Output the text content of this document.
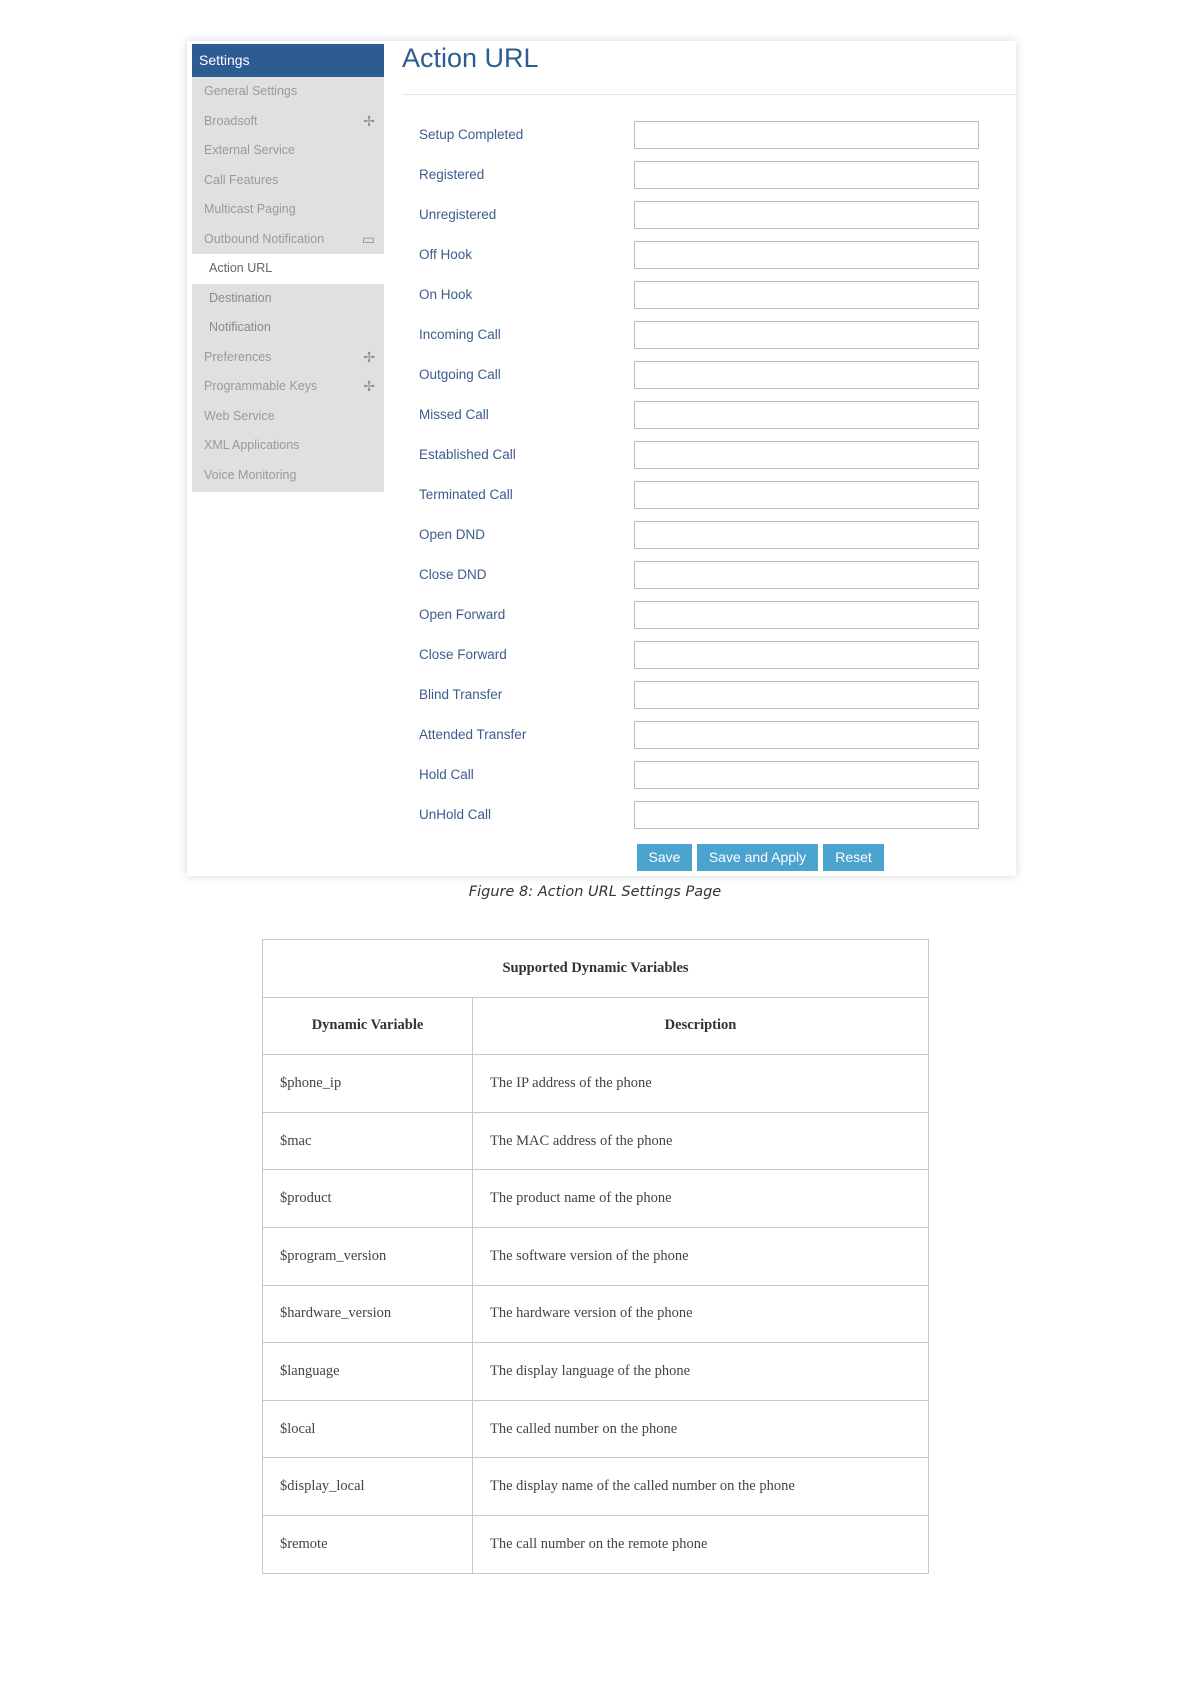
Settings
General Settings
Broadsoft	✢
External Service
Call Features
Multicast Paging
Outbound Notification	▭
Action URL
Destination
Notification
Preferences	✢
Programmable Keys	✢
Web Service
XML Applications
Voice Monitoring
Action URL
Setup Completed
Registered
Unregistered
Off Hook
On Hook
Incoming Call
Outgoing Call
Missed Call
Established Call
Terminated Call
Open DND
Close DND
Open Forward
Close Forward
Blind Transfer
Attended Transfer
Hold Call
UnHold Call
Save	Save and Apply	Reset
Figure 8: Action URL Settings Page
Supported Dynamic Variables	
Dynamic Variable	Description
$phone_ip	The IP address of the phone
$mac	The MAC address of the phone
$product	The product name of the phone
$program_version	The software version of the phone
$hardware_version	The hardware version of the phone
$language	The display language of the phone
$local	The called number on the phone
$display_local	The display name of the called number on the phone
$remote	The call number on the remote phone
